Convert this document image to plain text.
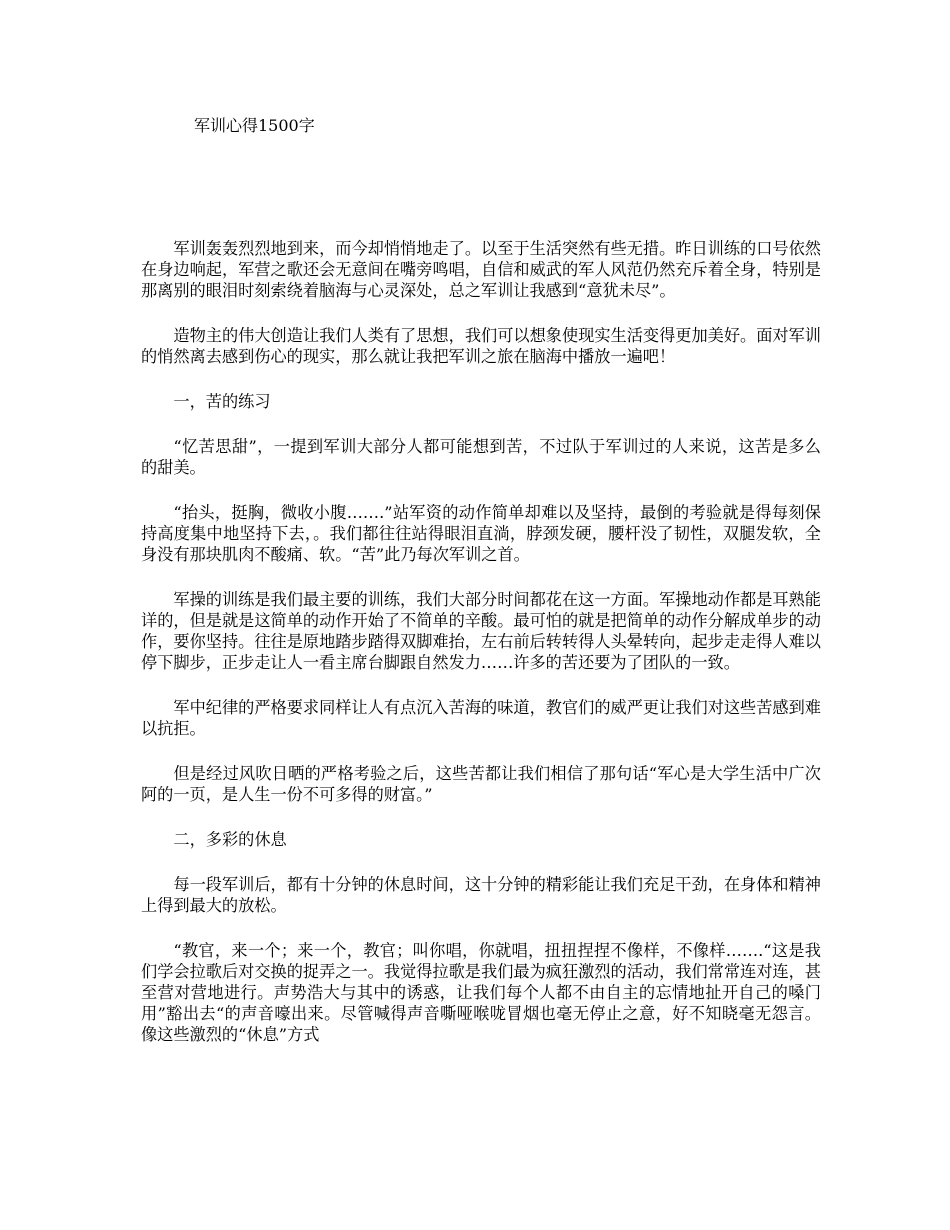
军训心得1500字

军训轰轰烈烈地到来，而今却悄悄地走了。以至于生活突然有些无措。昨日训练的口号依然在身边响起，军营之歌还会无意间在嘴旁鸣唱，自信和威武的军人风范仍然充斥着全身，特别是那离别的眼泪时刻索绕着脑海与心灵深处，总之军训让我感到“意犹未尽”。

造物主的伟大创造让我们人类有了思想，我们可以想象使现实生活变得更加美好。面对军训的悄然离去感到伤心的现实，那么就让我把军训之旅在脑海中播放一遍吧！

一，苦的练习

“忆苦思甜”，一提到军训大部分人都可能想到苦，不过队于军训过的人来说，这苦是多么的甜美。

“抬头，挺胸，微收小腹…….”站军资的动作简单却难以及坚持，最倒的考验就是得每刻保持高度集中地坚持下去，。我们都往往站得眼泪直淌，脖颈发硬，腰杆没了韧性，双腿发软，全身没有那块肌肉不酸痛、软。“苦”此乃每次军训之首。

军操的训练是我们最主要的训练，我们大部分时间都花在这一方面。军操地动作都是耳熟能详的，但是就是这简单的动作开始了不简单的辛酸。最可怕的就是把简单的动作分解成单步的动作，要你坚持。往往是原地踏步踏得双脚难抬，左右前后转转得人头晕转向，起步走走得人难以停下脚步，正步走让人一看主席台脚跟自然发力……许多的苦还要为了团队的一致。

军中纪律的严格要求同样让人有点沉入苦海的味道，教官们的威严更让我们对这些苦感到难以抗拒。

但是经过风吹日晒的严格考验之后，这些苦都让我们相信了那句话“军心是大学生活中广次阿的一页，是人生一份不可多得的财富。”

二，多彩的休息

每一段军训后，都有十分钟的休息时间，这十分钟的精彩能让我们充足干劲，在身体和精神上得到最大的放松。

“教官，来一个；来一个，教官；叫你唱，你就唱，扭扭捏捏不像样，不像样…….“这是我们学会拉歌后对交换的捉弄之一。我觉得拉歌是我们最为疯狂激烈的活动，我们常常连对连，甚至营对营地进行。声势浩大与其中的诱惑，让我们每个人都不由自主的忘情地扯开自己的嗓门用”豁出去“的声音嚎出来。尽管喊得声音嘶哑喉咙冒烟也毫无停止之意，好不知晓毫无怨言。像这些激烈的“休息”方式
